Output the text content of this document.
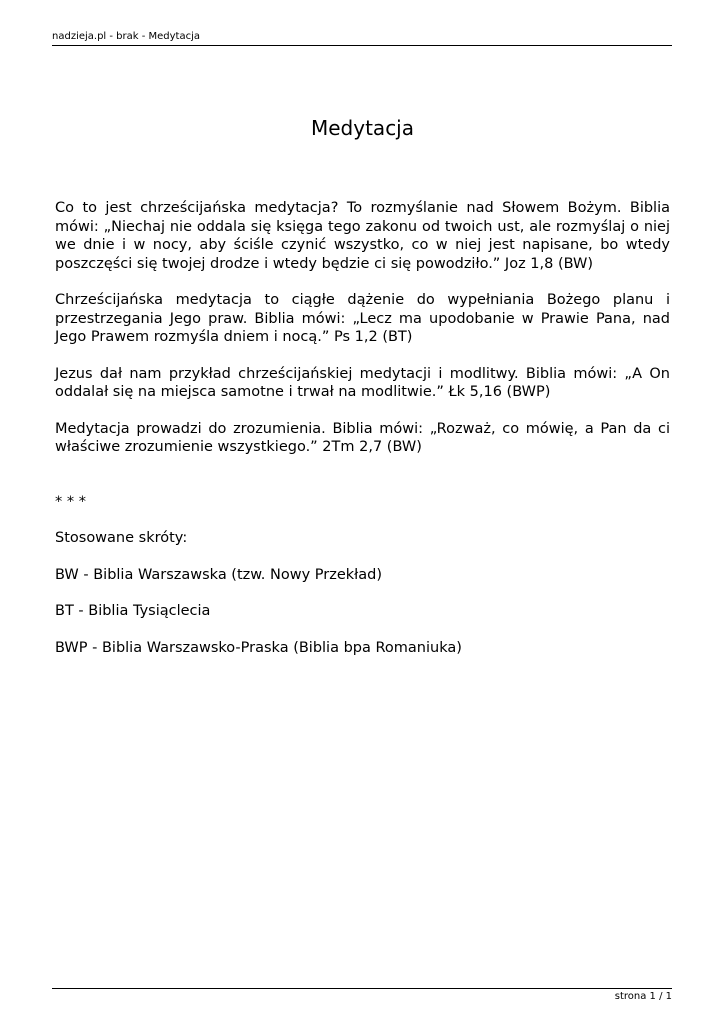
nadzieja.pl - brak - Medytacja
Medytacja

Co to jest chrześcijańska medytacja? To rozmyślanie nad Słowem Bożym. Biblia mówi: „Niechaj nie oddala się księga tego zakonu od twoich ust, ale rozmyślaj o niej we dnie i w nocy, aby ściśle czynić wszystko, co w niej jest napisane, bo wtedy poszczęści się twojej drodze i wtedy będzie ci się powodziło.” Joz 1,8 (BW)

Chrześcijańska medytacja to ciągłe dążenie do wypełniania Bożego planu i przestrzegania Jego praw. Biblia mówi: „Lecz ma upodobanie w Prawie Pana, nad Jego Prawem rozmyśla dniem i nocą.” Ps 1,2 (BT)

Jezus dał nam przykład chrześcijańskiej medytacji i modlitwy. Biblia mówi: „A On oddalał się na miejsca samotne i trwał na modlitwie.” Łk 5,16 (BWP)

Medytacja prowadzi do zrozumienia. Biblia mówi: „Rozważ, co mówię, a Pan da ci właściwe zrozumienie wszystkiego.” 2Tm 2,7 (BW)

* * *

Stosowane skróty:

BW - Biblia Warszawska (tzw. Nowy Przekład)

BT - Biblia Tysiąclecia

BWP - Biblia Warszawsko-Praska (Biblia bpa Romaniuka)

strona 1 / 1
